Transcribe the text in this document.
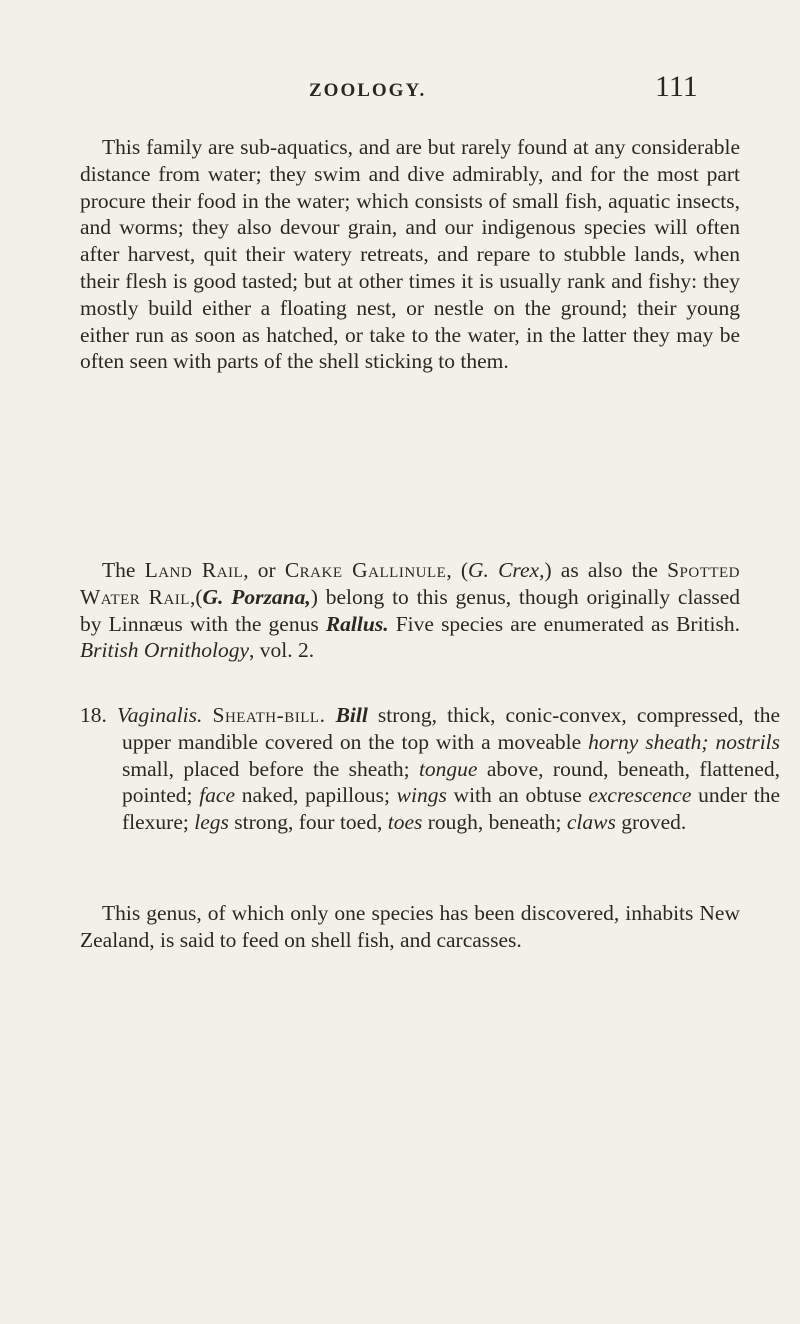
ZOOLOGY.	111

This family are sub-aquatics, and are but rarely found at any considerable distance from water; they swim and dive admirably, and for the most part procure their food in the water; which consists of small fish, aquatic insects, and worms; they also devour grain, and our indigenous species will often after harvest, quit their watery retreats, and repare to stubble lands, when their flesh is good tasted; but at other times it is usually rank and fishy: they mostly build either a floating nest, or nestle on the ground; their young either run as soon as hatched, or take to the water, in the latter they may be often seen with parts of the shell sticking to them.

The Land Rail, or Crake Gallinule, (G. Crex,) as also the Spotted Water Rail,(G. Porzana,) belong to this genus, though originally classed by Linnæus with the genus Rallus. Five species are enumerated as British. British Ornithology, vol. 2.

18. Vaginalis. Sheath-bill. Bill strong, thick, conic-convex, compressed, the upper mandible covered on the top with a moveable horny sheath; nostrils small, placed before the sheath; tongue above, round, beneath, flattened, pointed; face naked, papillous; wings with an obtuse excrescence under the flexure; legs strong, four toed, toes rough, beneath; claws groved.

This genus, of which only one species has been discovered, inhabits New Zealand, is said to feed on shell fish, and carcasses.
